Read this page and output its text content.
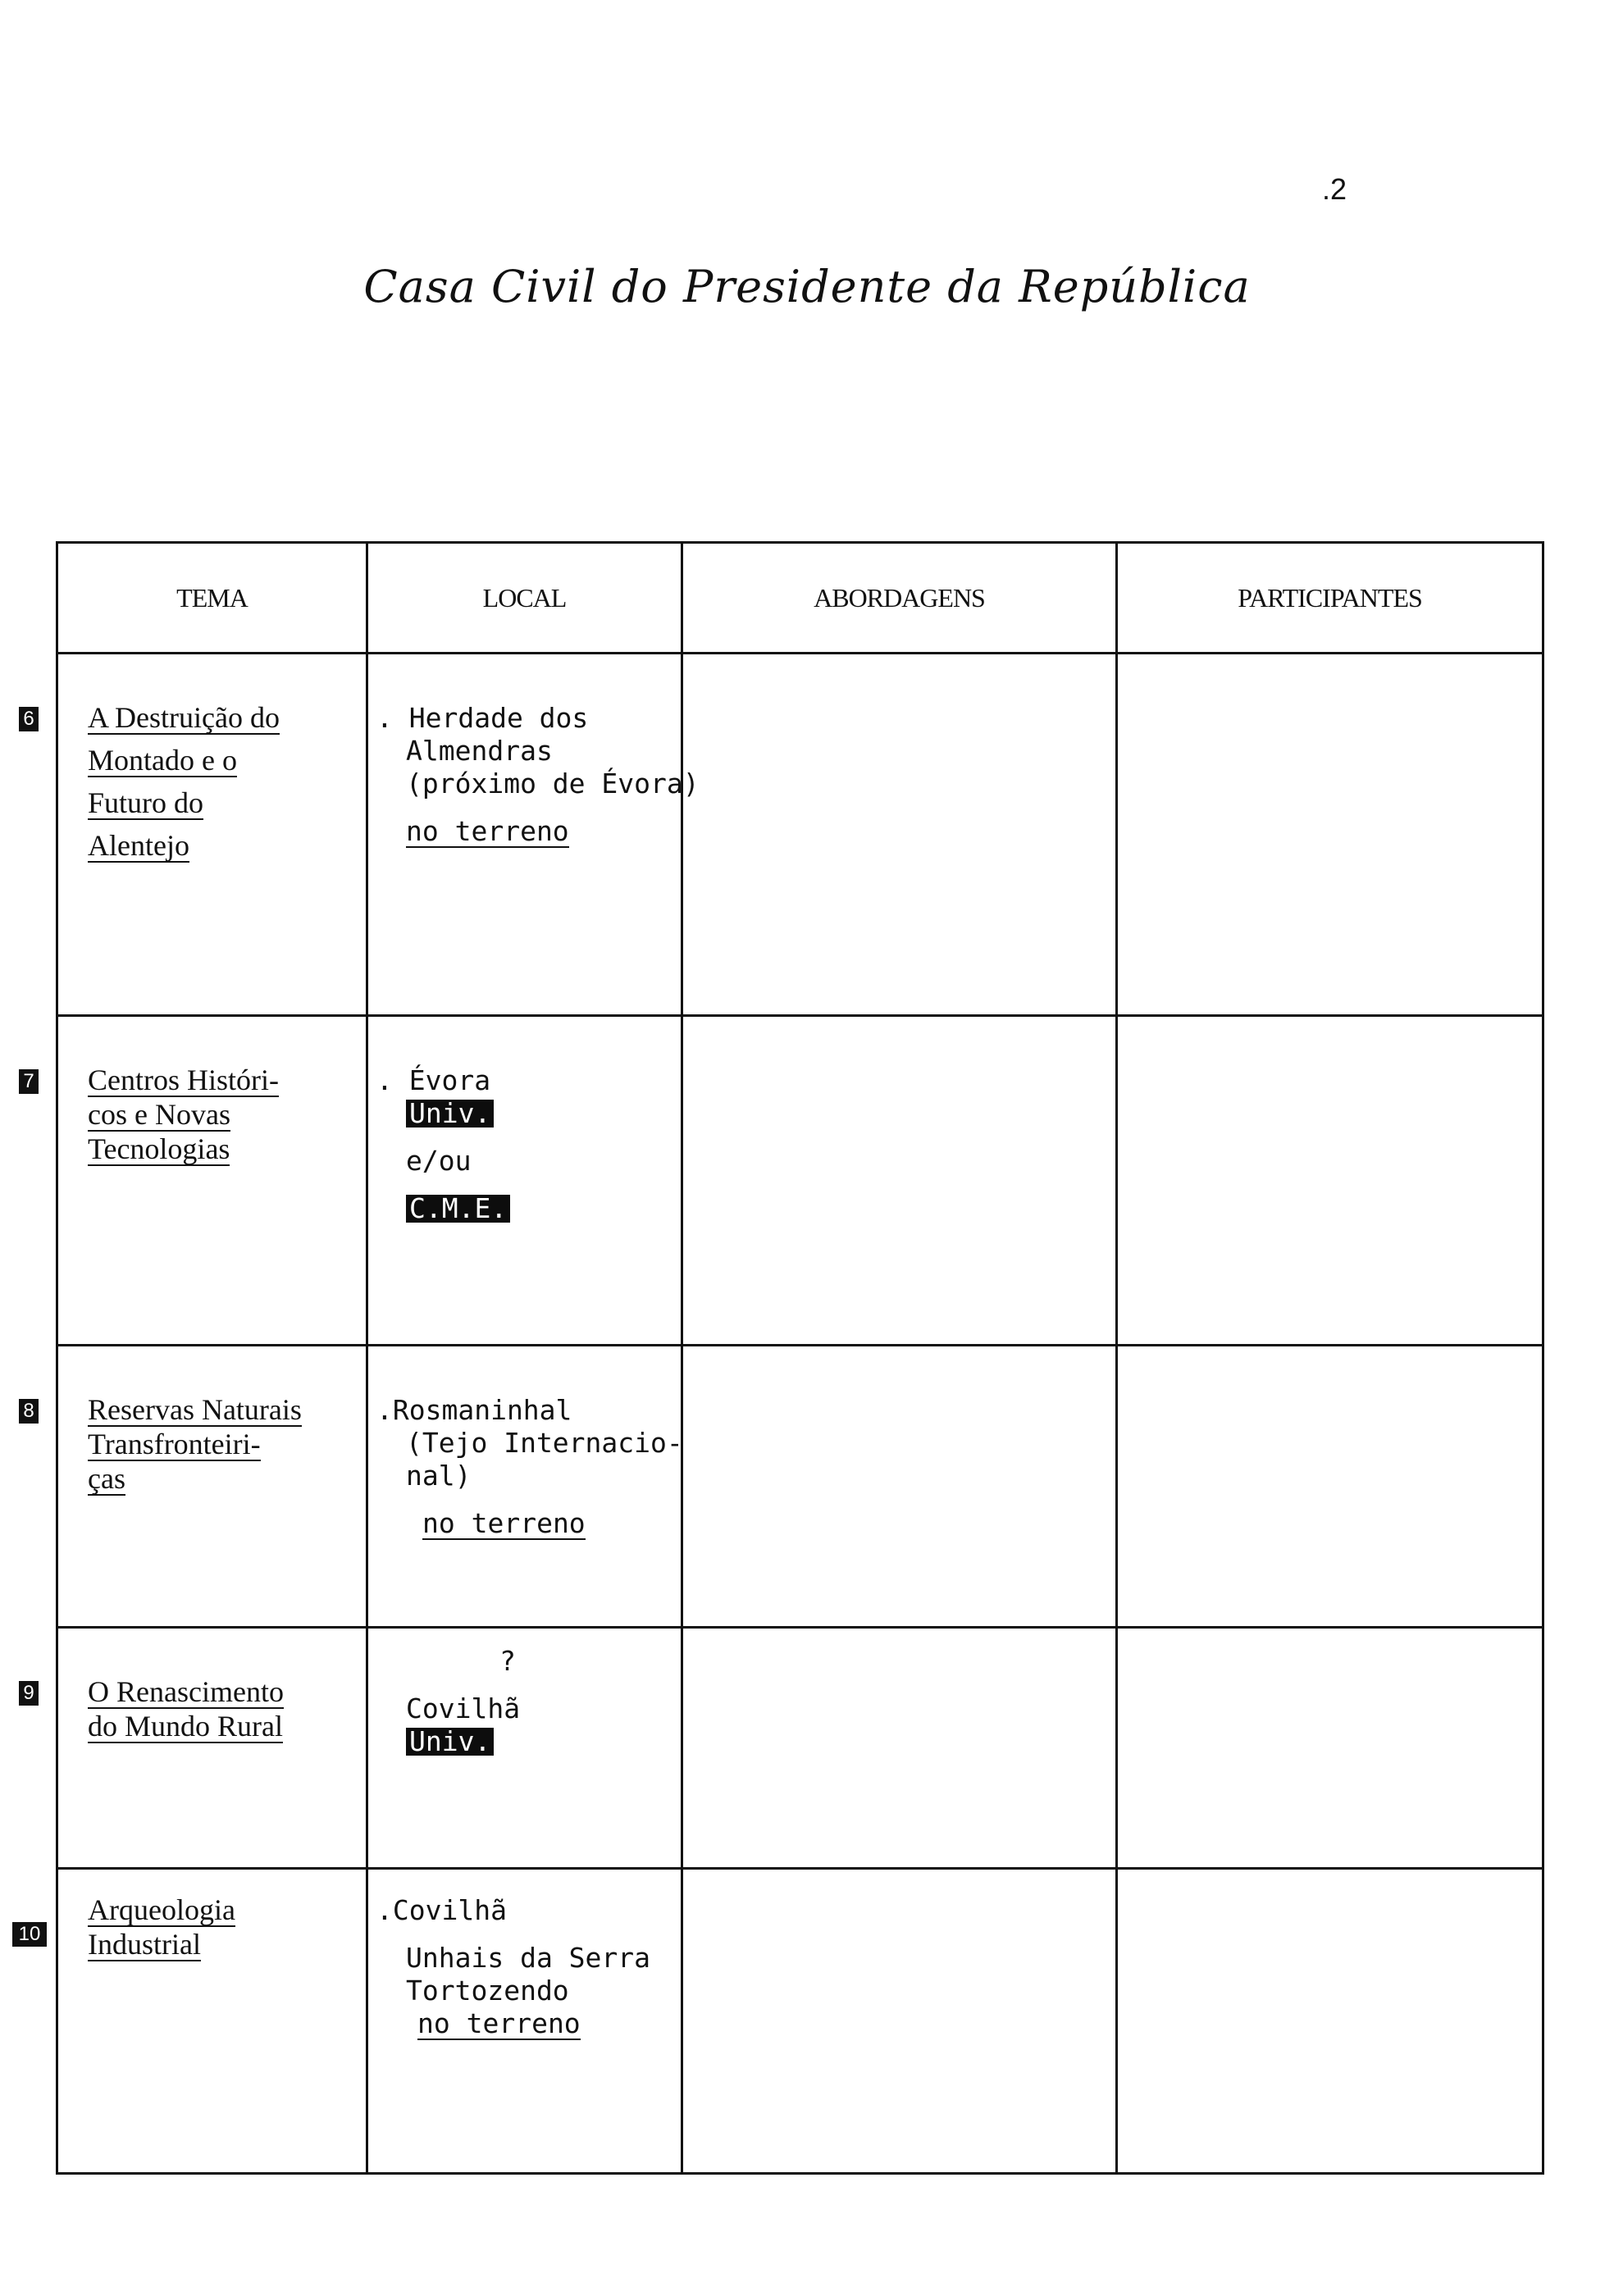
.2
Casa Civil do Presidente da República
TEMA	LOCAL	ABORDAGENS	PARTICIPANTES

6 A Destruição do
Montado e o
Futuro do
Alentejo	. Herdade dos
Almendras
(próximo de Évora)
no terreno		

7 Centros Históri-
cos e Novas
Tecnologias	. Évora
Univ.
e/ou
C.M.E.		

8 Reservas Naturais
Transfronteiri-
ças	.Rosmaninhal
(Tejo Internacio-
nal)
no terreno		

9 O Renascimento
do Mundo Rural	?
Covilhã
Univ.		

10
Arqueologia
Industrial	.Covilhã
Unhais da Serra
Tortozendo
no terreno		
